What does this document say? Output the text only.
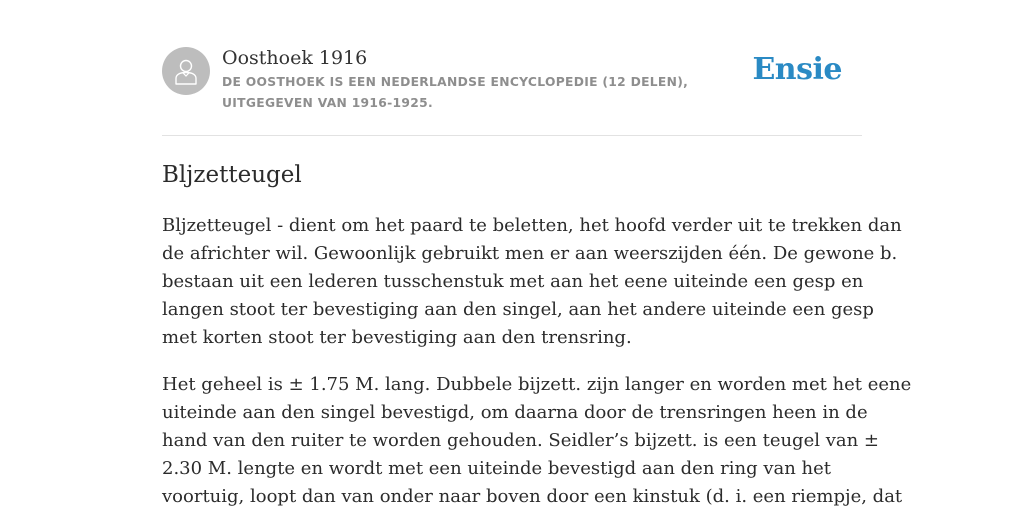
Oosthoek 1916
DE OOSTHOEK IS EEN NEDERLANDSE ENCYCLOPEDIE (12 DELEN), UITGEGEVEN VAN 1916-1925.
Ensie
Bljzetteugel

Bljzetteugel - dient om het paard te beletten, het hoofd verder uit te trekken dan
de africhter wil. Gewoonlijk gebruikt men er aan weerszijden één. De gewone b.
bestaan uit een lederen tusschenstuk met aan het eene uiteinde een gesp en
langen stoot ter bevestiging aan den singel, aan het andere uiteinde een gesp
met korten stoot ter bevestiging aan den trensring.

Het geheel is ± 1.75 M. lang. Dubbele bijzett. zijn langer en worden met het eene
uiteinde aan den singel bevestigd, om daarna door de trensringen heen in de
hand van den ruiter te worden gehouden. Seidler’s bijzett. is een teugel van ±
2.30 M. lengte en wordt met een uiteinde bevestigd aan den ring van het
voortuig, loopt dan van onder naar boven door een kinstuk (d. i. een riempje, dat
